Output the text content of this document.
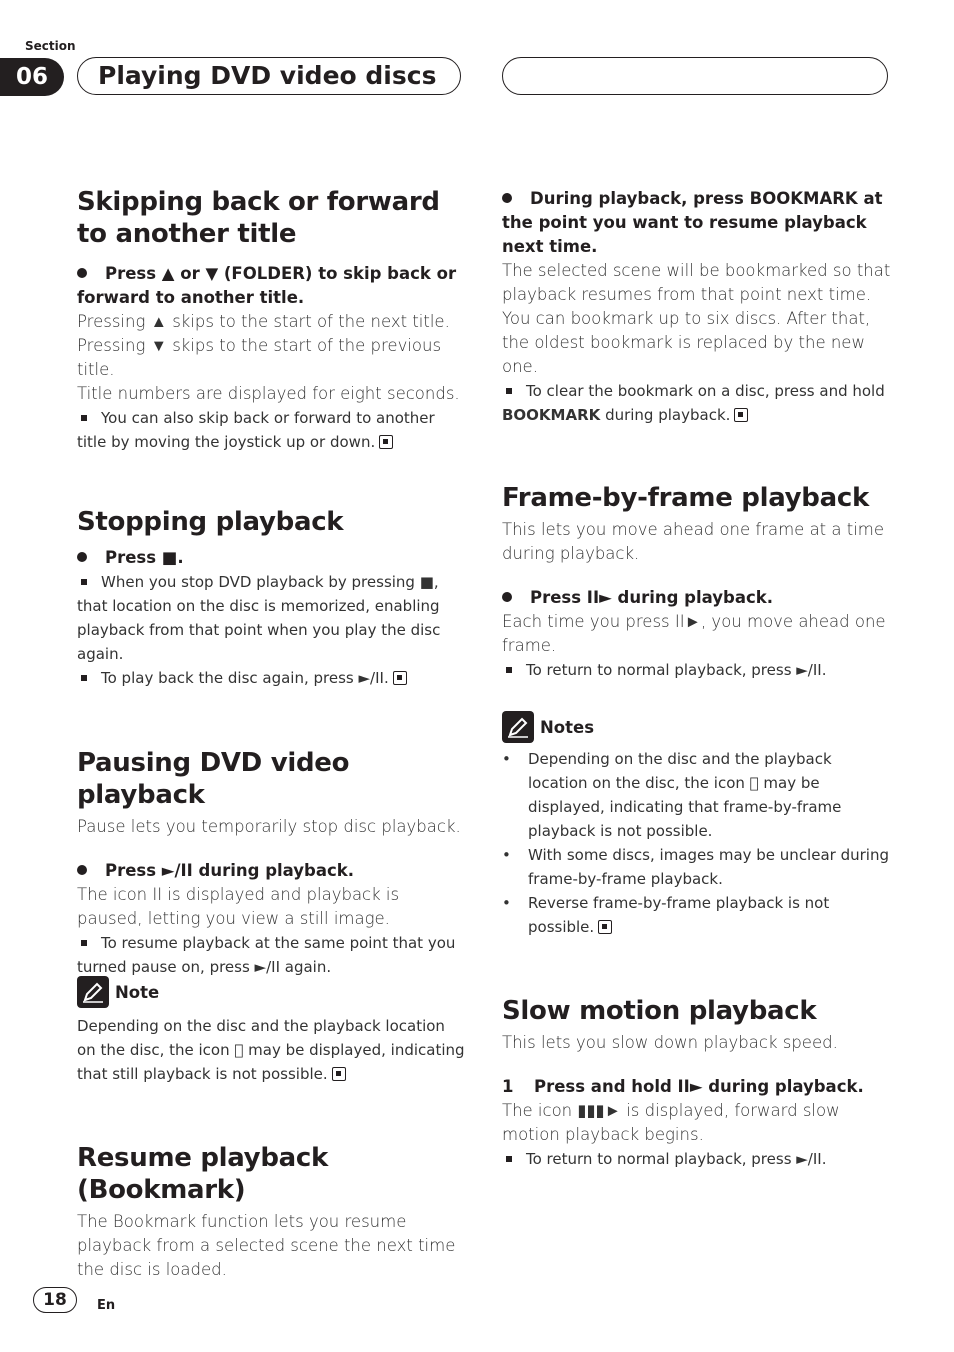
Section
06	Playing DVD video discs
Skipping back or forward to another title
Press ▲ or ▼ (FOLDER) to skip back or forward to another title.
Pressing ▲ skips to the start of the next title. Pressing ▼ skips to the start of the previous title.
Title numbers are displayed for eight seconds.
You can also skip back or forward to another title by moving the joystick up or down.
Stopping playback
Press ■.
When you stop DVD playback by pressing ■, that location on the disc is memorized, enabling playback from that point when you play the disc again.
To play back the disc again, press ►/II.
Pausing DVD video playback
Pause lets you temporarily stop disc playback.
Press ►/II during playback.
The icon II is displayed and playback is paused, letting you view a still image.
To resume playback at the same point that you turned pause on, press ►/II again.
Note
Depending on the disc and the playback location on the disc, the icon ⃠ may be displayed, indicating that still playback is not possible.
Resume playback (Bookmark)
The Bookmark function lets you resume playback from a selected scene the next time the disc is loaded.
During playback, press BOOKMARK at the point you want to resume playback next time.
The selected scene will be bookmarked so that playback resumes from that point next time. You can bookmark up to six discs. After that, the oldest bookmark is replaced by the new one.
To clear the bookmark on a disc, press and hold BOOKMARK during playback.
Frame-by-frame playback
This lets you move ahead one frame at a time during playback.
Press II► during playback.
Each time you press II►, you move ahead one frame.
To return to normal playback, press ►/II.
Notes
• Depending on the disc and the playback location on the disc, the icon ⃠ may be displayed, indicating that frame-by-frame playback is not possible.
• With some discs, images may be unclear during frame-by-frame playback.
• Reverse frame-by-frame playback is not possible.
Slow motion playback
This lets you slow down playback speed.
1 Press and hold II► during playback.
The icon ▮▮▮► is displayed, forward slow motion playback begins.
To return to normal playback, press ►/II.
18	En
